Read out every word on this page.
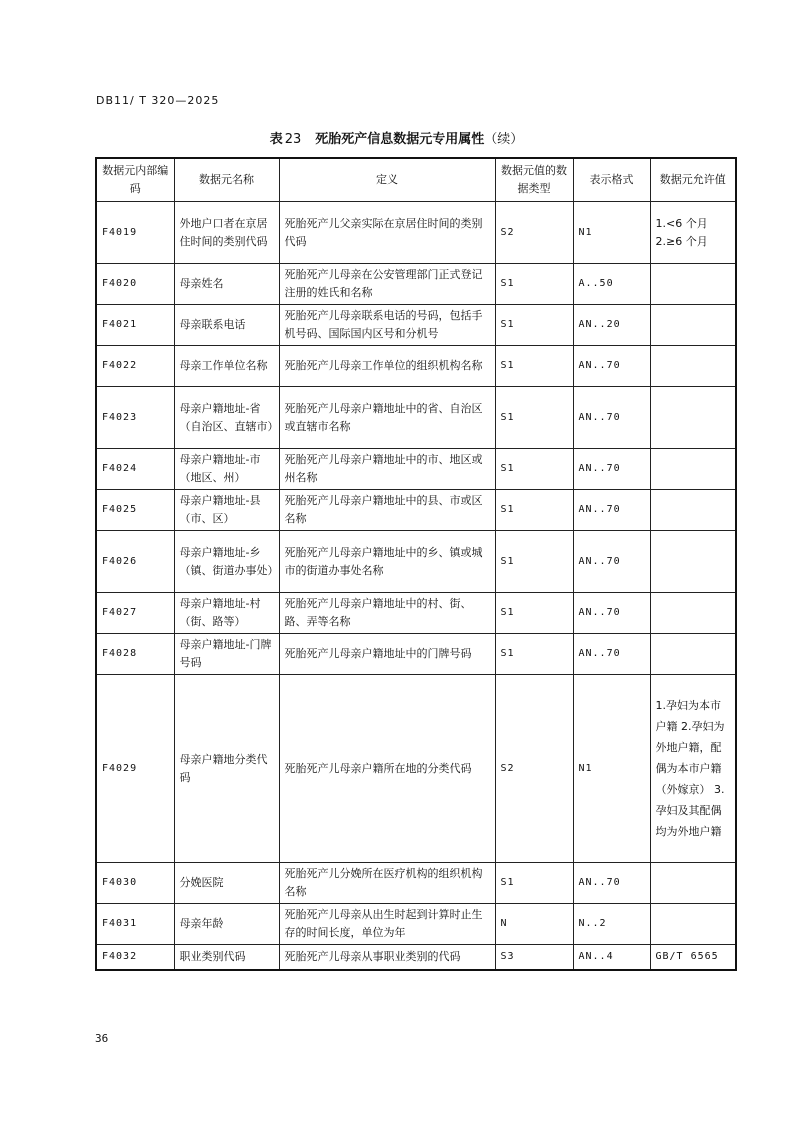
DB11/ T 320—2025
表 23 死胎死产信息数据元专用属性（续）
数据元内部编码	数据元名称	定义	数据元值的数据类型	表示格式	数据元允许值
F4019	外地户口者在京居住时间的类别代码	死胎死产儿父亲实际在京居住时间的类别代码	S2	N1	1.<6 个月 2.≥6 个月
F4020	母亲姓名	死胎死产儿母亲在公安管理部门正式登记注册的姓氏和名称	S1	A..50	
F4021	母亲联系电话	死胎死产儿母亲联系电话的号码，包括手机号码、国际国内区号和分机号	S1	AN..20	
F4022	母亲工作单位名称	死胎死产儿母亲工作单位的组织机构名称	S1	AN..70	
F4023	母亲户籍地址-省（自治区、直辖市）	死胎死产儿母亲户籍地址中的省、自治区或直辖市名称	S1	AN..70	
F4024	母亲户籍地址-市（地区、州）	死胎死产儿母亲户籍地址中的市、地区或州名称	S1	AN..70	
F4025	母亲户籍地址-县（市、区）	死胎死产儿母亲户籍地址中的县、市或区名称	S1	AN..70	
F4026	母亲户籍地址-乡（镇、街道办事处）	死胎死产儿母亲户籍地址中的乡、镇或城市的街道办事处名称	S1	AN..70	
F4027	母亲户籍地址-村（街、路等）	死胎死产儿母亲户籍地址中的村、街、路、弄等名称	S1	AN..70	
F4028	母亲户籍地址-门牌号码	死胎死产儿母亲户籍地址中的门牌号码	S1	AN..70	
F4029	母亲户籍地分类代码	死胎死产儿母亲户籍所在地的分类代码	S2	N1	1.孕妇为本市户籍 2.孕妇为外地户籍，配偶为本市户籍（外嫁京） 3.孕妇及其配偶均为外地户籍
F4030	分娩医院	死胎死产儿分娩所在医疗机构的组织机构名称	S1	AN..70	
F4031	母亲年龄	死胎死产儿母亲从出生时起到计算时止生存的时间长度，单位为年	N	N..2	
F4032	职业类别代码	死胎死产儿母亲从事职业类别的代码	S3	AN..4	GB/T 6565
36
